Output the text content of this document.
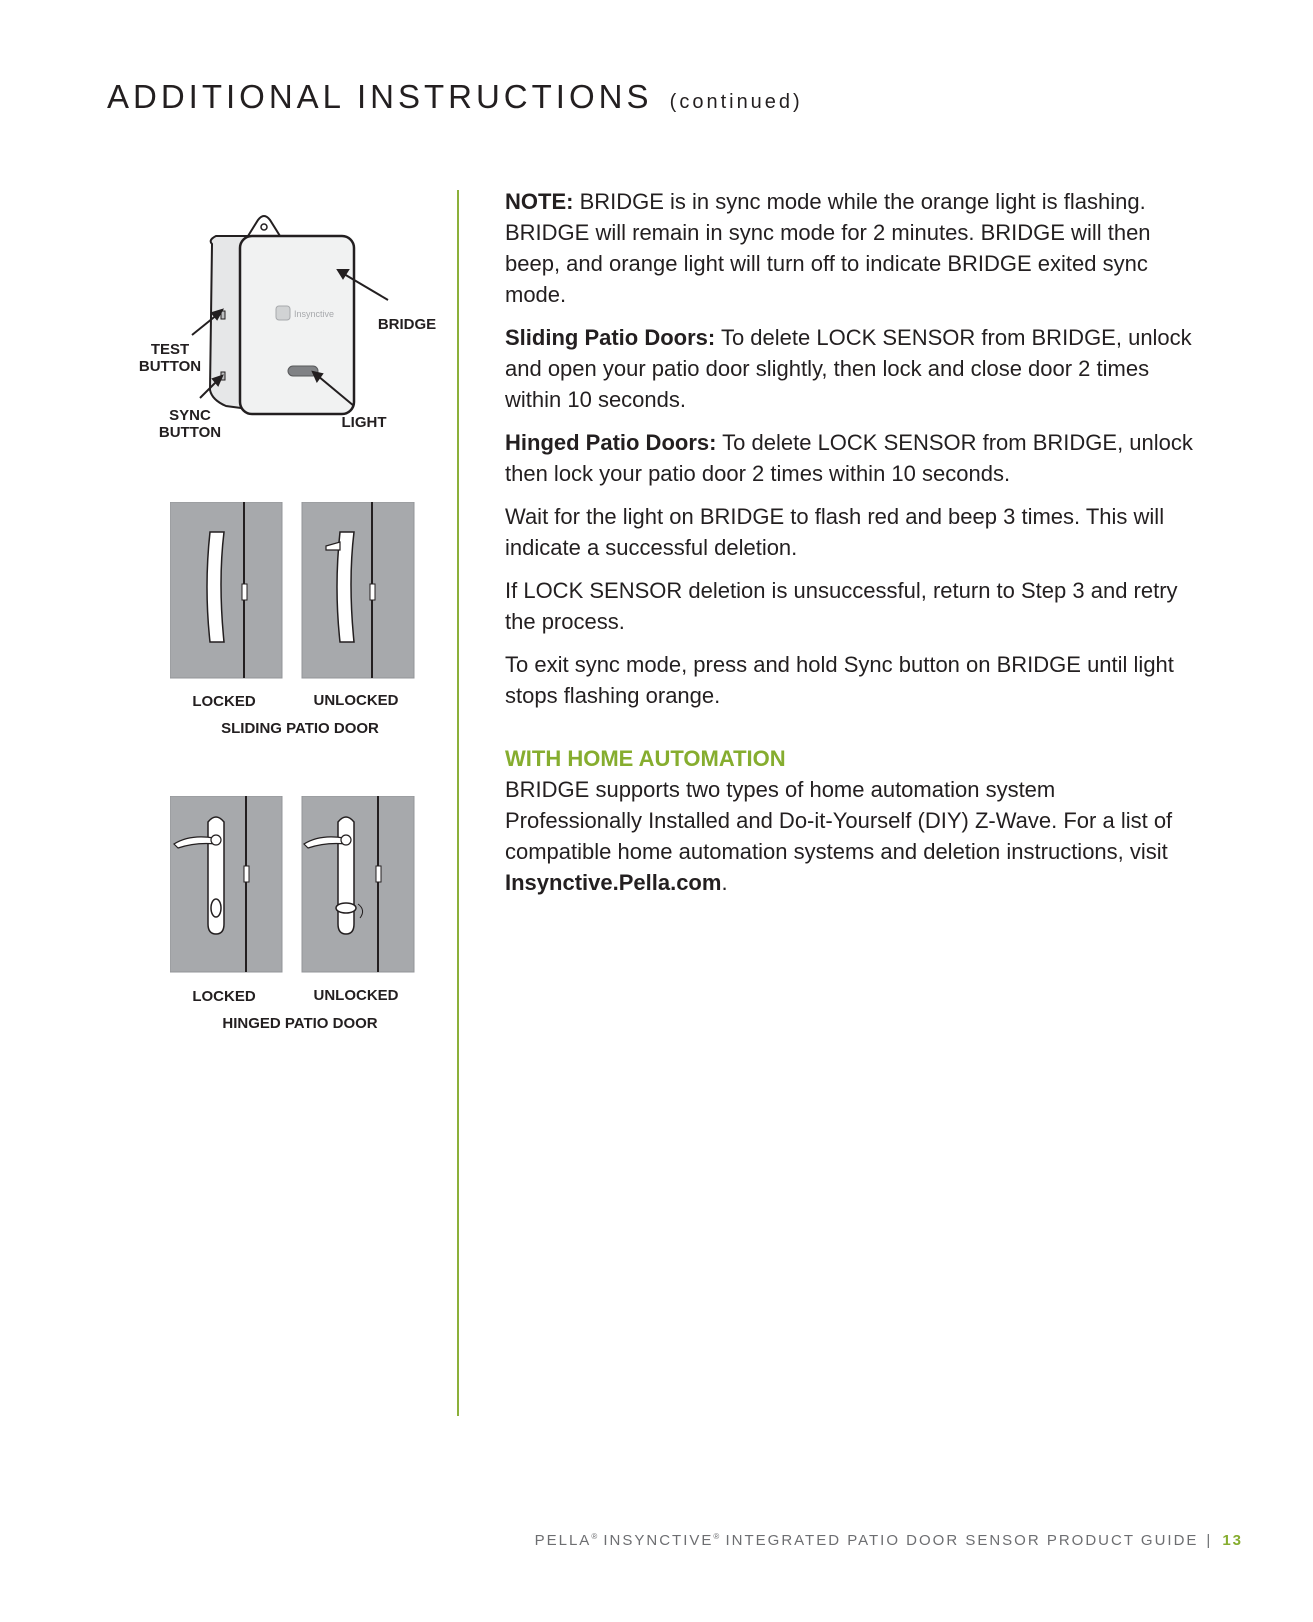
ADDITIONAL INSTRUCTIONS (continued)
Insynctive
TEST
BUTTON
SYNC
BUTTON
BRIDGE
LIGHT
LOCKED	UNLOCKED
SLIDING PATIO DOOR
LOCKED	UNLOCKED
HINGED PATIO DOOR

NOTE: BRIDGE is in sync mode while the orange light is flashing. BRIDGE will remain in sync mode for 2 minutes. BRIDGE will then beep, and orange light will turn off to indicate BRIDGE exited sync mode.

Sliding Patio Doors: To delete LOCK SENSOR from BRIDGE, unlock and open your patio door slightly, then lock and close door 2 times within 10 seconds.

Hinged Patio Doors: To delete LOCK SENSOR from BRIDGE, unlock then lock your patio door 2 times within 10 seconds.

Wait for the light on BRIDGE to flash red and beep 3 times. This will indicate a successful deletion.

If LOCK SENSOR deletion is unsuccessful, return to Step 3 and retry the process.

To exit sync mode, press and hold Sync button on BRIDGE until light stops flashing orange.

WITH HOME AUTOMATION

BRIDGE supports two types of home automation system Professionally Installed and Do-it-Yourself (DIY) Z-Wave. For a list of compatible home automation systems and deletion instructions, visit Insynctive.Pella.com.

PELLA® INSYNCTIVE® INTEGRATED PATIO DOOR SENSOR PRODUCT GUIDE | 13
